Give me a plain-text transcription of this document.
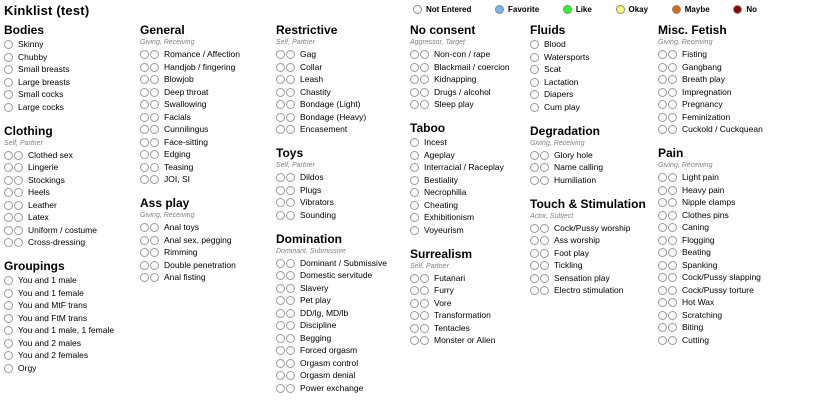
Kinklist (test)	Not Entered	Favorite	Like	Okay	Maybe	No
Bodies
Skinny
Chubby
Small breasts
Large breasts
Small cocks
Large cocks
Clothing
Self, Partner
Clothed sex
Lingerie
Stockings
Heels
Leather
Latex
Uniform / costume
Cross-dressing
Groupings
You and 1 male
You and 1 female
You and MtF trans
You and FtM trans
You and 1 male, 1 female
You and 2 males
You and 2 females
Orgy
General
Giving, Receiving
Romance / Affection
Handjob / fingering
Blowjob
Deep throat
Swallowing
Facials
Cunnilingus
Face-sitting
Edging
Teasing
JOI, SI
Ass play
Giving, Receiving
Anal toys
Anal sex, pegging
Rimming
Double penetration
Anal fisting
Restrictive
Self, Partner
Gag
Collar
Leash
Chastity
Bondage (Light)
Bondage (Heavy)
Encasement
Toys
Self, Partner
Dildos
Plugs
Vibrators
Sounding
Domination
Dominant, Submissive
Dominant / Submissive
Domestic servitude
Slavery
Pet play
DD/lg, MD/lb
Discipline
Begging
Forced orgasm
Orgasm control
Orgasm denial
Power exchange
No consent
Aggressor, Target
Non-con / rape
Blackmail / coercion
Kidnapping
Drugs / alcohol
Sleep play
Taboo
Incest
Ageplay
Interracial / Raceplay
Bestiality
Necrophilia
Cheating
Exhibitionism
Voyeurism
Surrealism
Self, Partner
Futanari
Furry
Vore
Transformation
Tentacles
Monster or Alien
Fluids
Blood
Watersports
Scat
Lactation
Diapers
Cum play
Degradation
Giving, Receiving
Glory hole
Name calling
Humiliation
Touch & Stimulation
Actor, Subject
Cock/Pussy worship
Ass worship
Foot play
Tickling
Sensation play
Electro stimulation
Misc. Fetish
Giving, Receiving
Fisting
Gangbang
Breath play
Impregnation
Pregnancy
Feminization
Cuckold / Cuckquean
Pain
Giving, Receiving
Light pain
Heavy pain
Nipple clamps
Clothes pins
Caning
Flogging
Beating
Spanking
Cock/Pussy slapping
Cock/Pussy torture
Hot Wax
Scratching
Biting
Cutting
